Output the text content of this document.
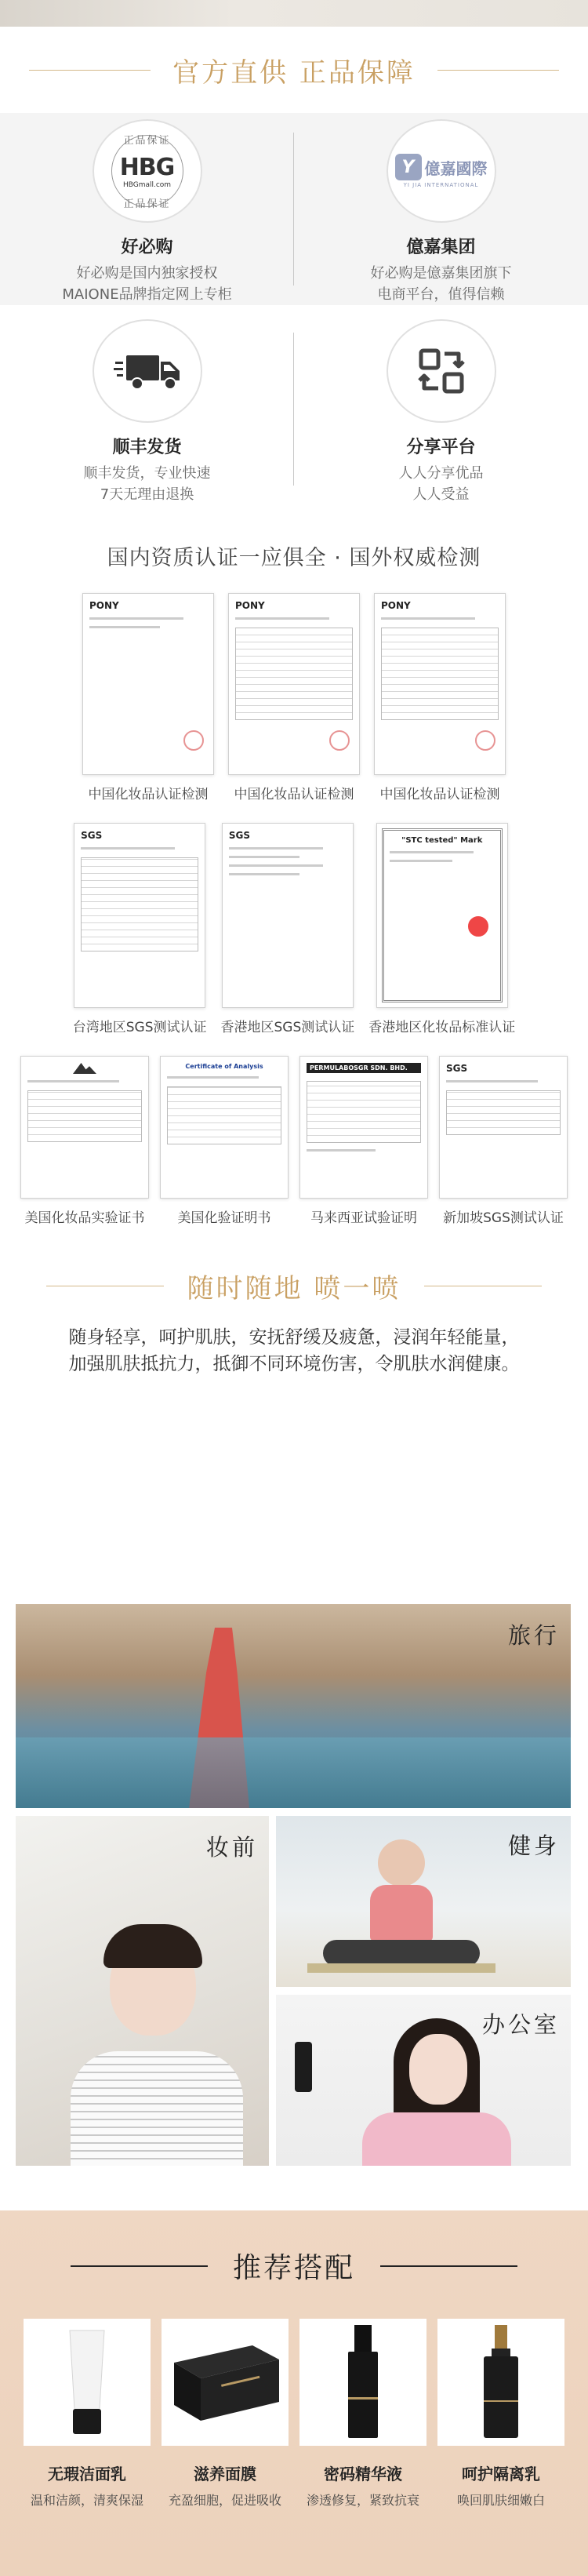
官方直供 正品保障
正品保证
HBG
HBGmall.com
正品保证
好必购

好必购是国内独家授权
MAIONE品牌指定网上专柜

Y 億嘉國際
YI JIA INTERNATIONAL
億嘉集团

好必购是億嘉集团旗下
电商平台，值得信赖

顺丰发货

顺丰发货，专业快速
7天无理由退换

分享平台

人人分享优品
人人受益

国内资质认证一应俱全 · 国外权威检测
PONY
中国化妆品认证检测
PONY
中国化妆品认证检测
PONY
中国化妆品认证检测
SGS
台湾地区SGS测试认证
SGS
香港地区SGS测试认证
"STC tested" Mark
香港地区化妆品标准认证
美国化妆品实验证书
Certificate of Analysis
美国化验证明书
PERMULABOSGR SDN. BHD.
马来西亚试验证明
SGS
新加坡SGS测试认证
随时随地 喷一喷
随身轻享，呵护肌肤，安抚舒缓及疲惫，浸润年轻能量，
加强肌肤抵抗力，抵御不同环境伤害，令肌肤水润健康。
旅行
妆前	健身
办公室
推荐搭配
无瑕洁面乳
温和洁颜，清爽保湿
滋养面膜
充盈细胞，促进吸收
密码精华液
渗透修复，紧致抗衰
呵护隔离乳
唤回肌肤细嫩白
